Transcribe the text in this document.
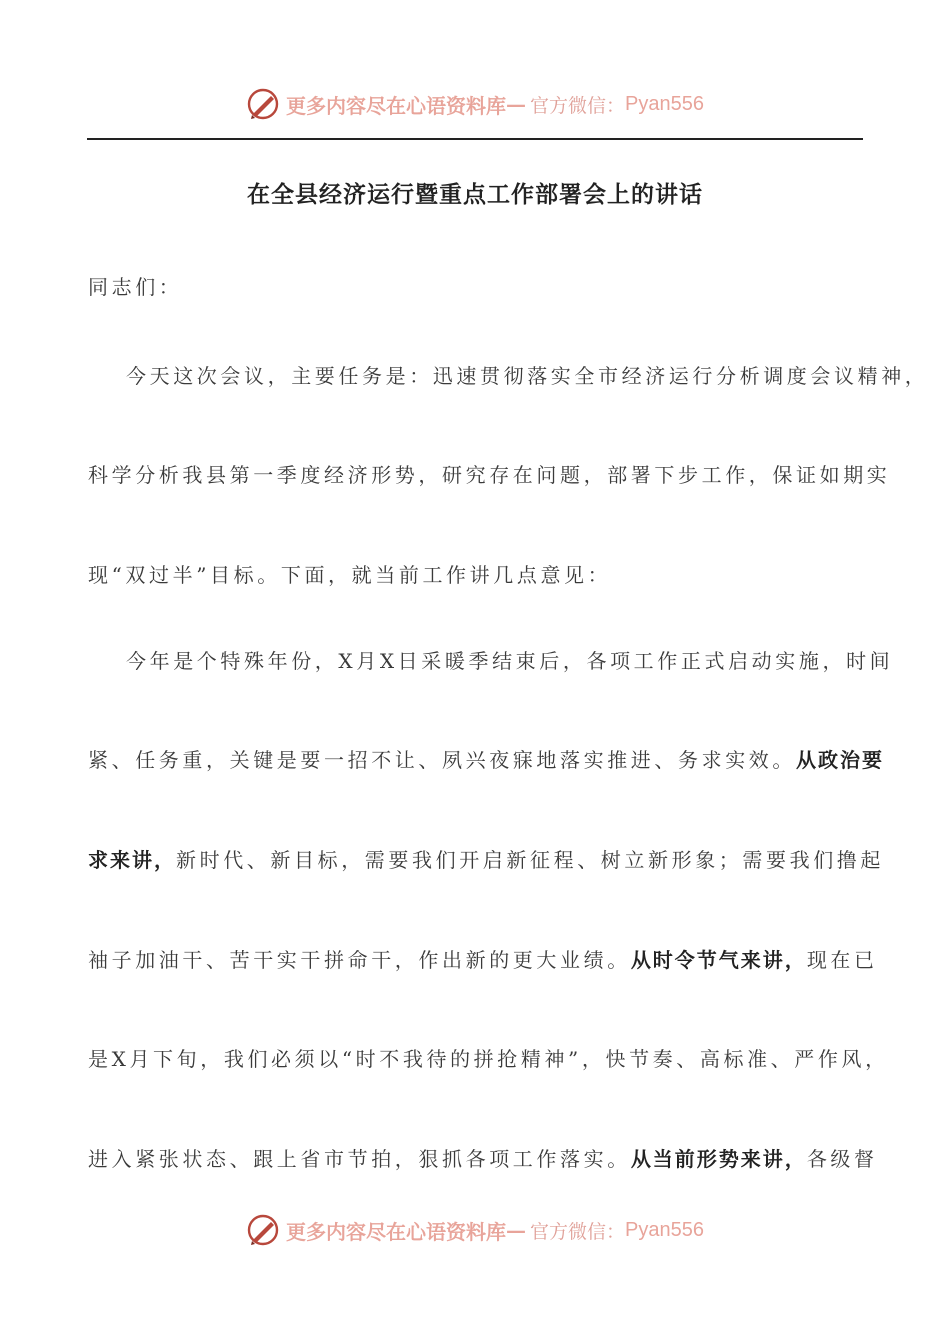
更多内容尽在心语资料库 — 官方微信： Pyan556
在全县经济运行暨重点工作部署会上的讲话
同志们：
今天这次会议，主要任务是：迅速贯彻落实全市经济运行分析调度会议精神，
科学分析我县第一季度经济形势，研究存在问题，部署下步工作，保证如期实
现“双过半”目标。下面，就当前工作讲几点意见：
今年是个特殊年份，X月X日采暖季结束后，各项工作正式启动实施，时间
紧、任务重，关键是要一招不让、夙兴夜寐地落实推进、务求实效。从政治要
求来讲，新时代、新目标，需要我们开启新征程、树立新形象；需要我们撸起
袖子加油干、苦干实干拼命干，作出新的更大业绩。从时令节气来讲，现在已
是X月下旬，我们必须以“时不我待的拼抢精神”，快节奏、高标准、严作风，
进入紧张状态、跟上省市节拍，狠抓各项工作落实。从当前形势来讲，各级督
更多内容尽在心语资料库 — 官方微信： Pyan556
